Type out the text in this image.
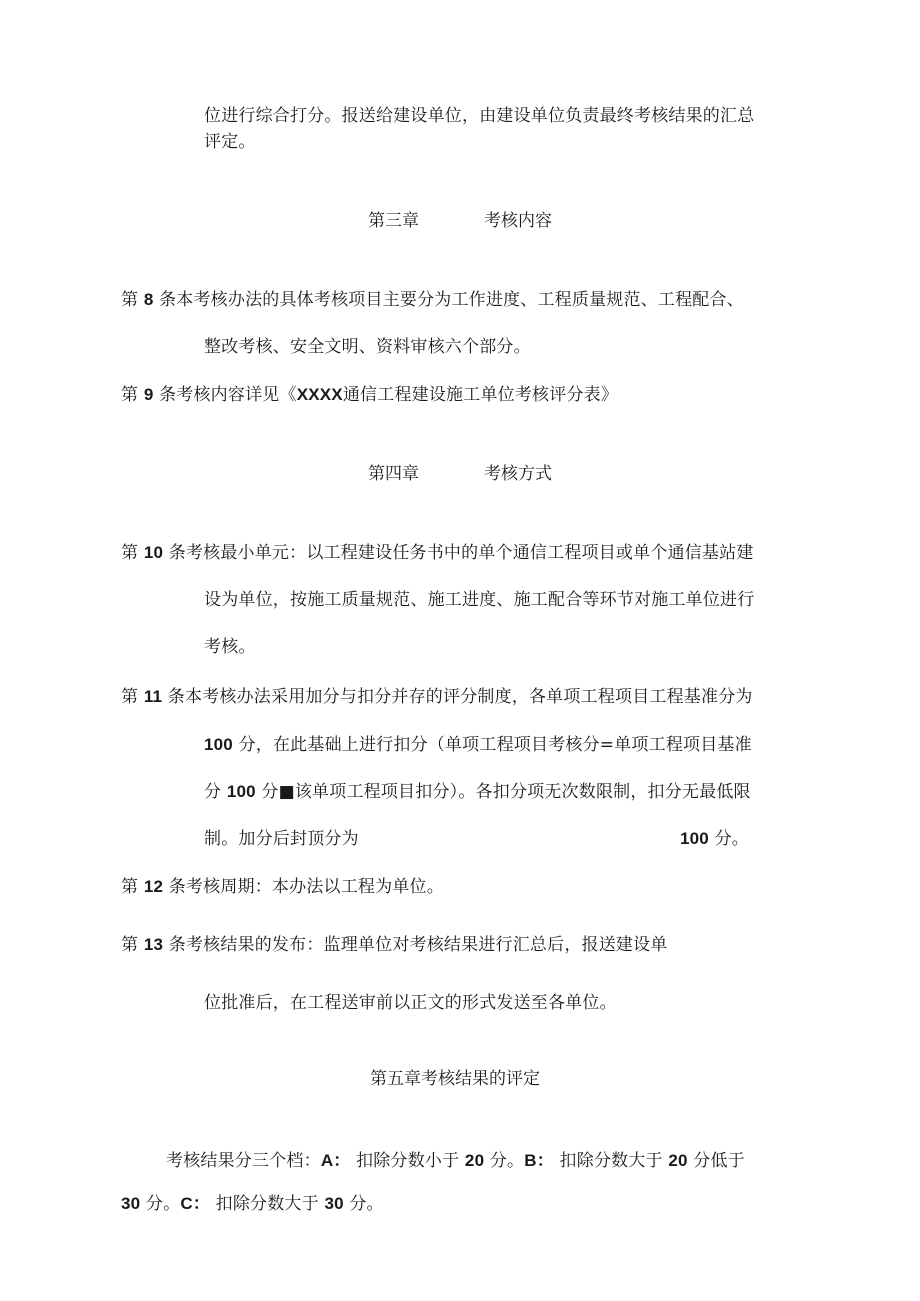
位进行综合打分。报送给建设单位，由建设单位负责最终考核结果的汇总
评定。
第三章	考核内容
第 8 条本考核办法的具体考核项目主要分为工作进度、工程质量规范、工程配合、
整改考核、安全文明、资料审核六个部分。
第 9 条考核内容详见《XXXX通信工程建设施工单位考核评分表》
第四章	考核方式
第 10 条考核最小单元：以工程建设任务书中的单个通信工程项目或单个通信基站建
设为单位，按施工质量规范、施工进度、施工配合等环节对施工单位进行
考核。
第 11 条本考核办法采用加分与扣分并存的评分制度，各单项工程项目工程基准分为
100 分，在此基础上进行扣分（单项工程项目考核分=单项工程项目基准
分 100 分■该单项工程项目扣分）。各扣分项无次数限制，扣分无最低限
制。加分后封顶分为	100 分。
第 12 条考核周期：本办法以工程为单位。
第 13 条考核结果的发布：监理单位对考核结果进行汇总后，报送建设单
位批准后，在工程送审前以正文的形式发送至各单位。
第五章考核结果的评定
考核结果分三个档：A： 扣除分数小于 20 分。B： 扣除分数大于 20 分低于
30 分。C： 扣除分数大于 30 分。
